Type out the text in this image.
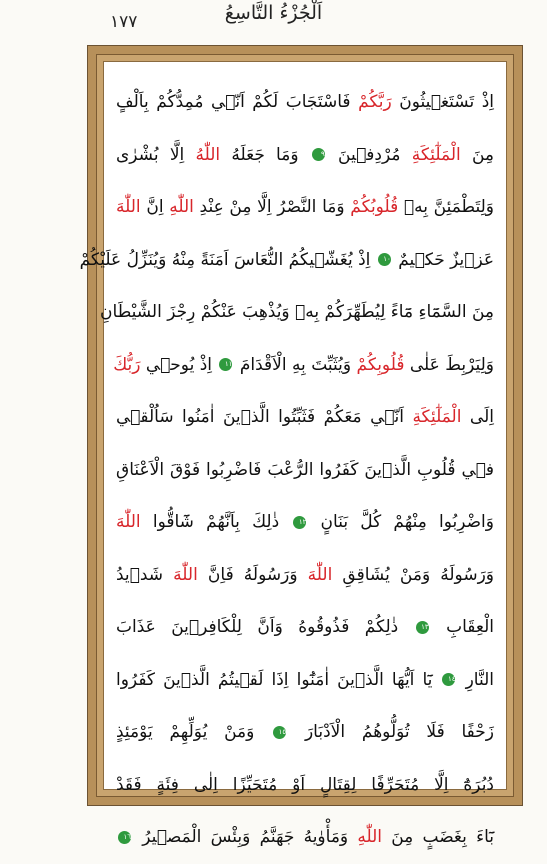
١٧٧	اَلْجُزْءُ التَّاسِعُ
اِذْ تَسْتَغ۪يثُونَ رَبَّكُمْ فَاسْتَجَابَ لَكُمْ اَنّ۪ي مُمِدُّكُمْ بِاَلْفٍ
مِنَ الْمَلٰٓئِكَةِ مُرْدِف۪ينَ ٩ وَمَا جَعَلَهُ اللّٰهُ اِلَّا بُشْرٰى
وَلِتَطْمَئِنَّ بِه۪ قُلُوبُكُمْ وَمَا النَّصْرُ اِلَّا مِنْ عِنْدِ اللّٰهِ اِنَّ اللّٰهَ
عَز۪يزٌ حَك۪يمٌ ١٠ اِذْ يُغَشّ۪يكُمُ النُّعَاسَ اَمَنَةً مِنْهُ وَيُنَزِّلُ عَلَيْكُمْ
مِنَ السَّمَٓاءِ مَٓاءً لِيُطَهِّرَكُمْ بِه۪ وَيُذْهِبَ عَنْكُمْ رِجْزَ الشَّيْطَانِ
وَلِيَرْبِطَ عَلٰى قُلُوبِكُمْ وَيُثَبِّتَ بِهِ الْاَقْدَامَ ١١ اِذْ يُوح۪ي رَبُّكَ
اِلَى الْمَلٰٓئِكَةِ اَنّ۪ي مَعَكُمْ فَثَبِّتُوا الَّذ۪ينَ اٰمَنُوا سَاُلْق۪ي
ف۪ي قُلُوبِ الَّذ۪ينَ كَفَرُوا الرُّعْبَ فَاضْرِبُوا فَوْقَ الْاَعْنَاقِ
وَاضْرِبُوا مِنْهُمْ كُلَّ بَنَانٍ ١٢ ذٰلِكَ بِاَنَّهُمْ شَٓاقُّوا اللّٰهَ
وَرَسُولَهُ وَمَنْ يُشَاقِقِ اللّٰهَ وَرَسُولَهُ فَاِنَّ اللّٰهَ شَد۪يدُ
الْعِقَابِ ١٣ ذٰلِكُمْ فَذُوقُوهُ وَاَنَّ لِلْكَافِر۪ينَ عَذَابَ
النَّارِ ١٤ يَٓا اَيُّهَا الَّذ۪ينَ اٰمَنُٓوا اِذَا لَق۪يتُمُ الَّذ۪ينَ كَفَرُوا
زَحْفًا فَلَا تُوَلُّوهُمُ الْاَدْبَارَ ١٥ وَمَنْ يُوَلِّهِمْ يَوْمَئِذٍ
دُبُرَهُٓ اِلَّا مُتَحَرِّفًا لِقِتَالٍ اَوْ مُتَحَيِّزًا اِلٰى فِئَةٍ فَقَدْ
بَٓاءَ بِغَضَبٍ مِنَ اللّٰهِ وَمَأْوٰيهُ جَهَنَّمُ وَبِئْسَ الْمَص۪يرُ ١٦
